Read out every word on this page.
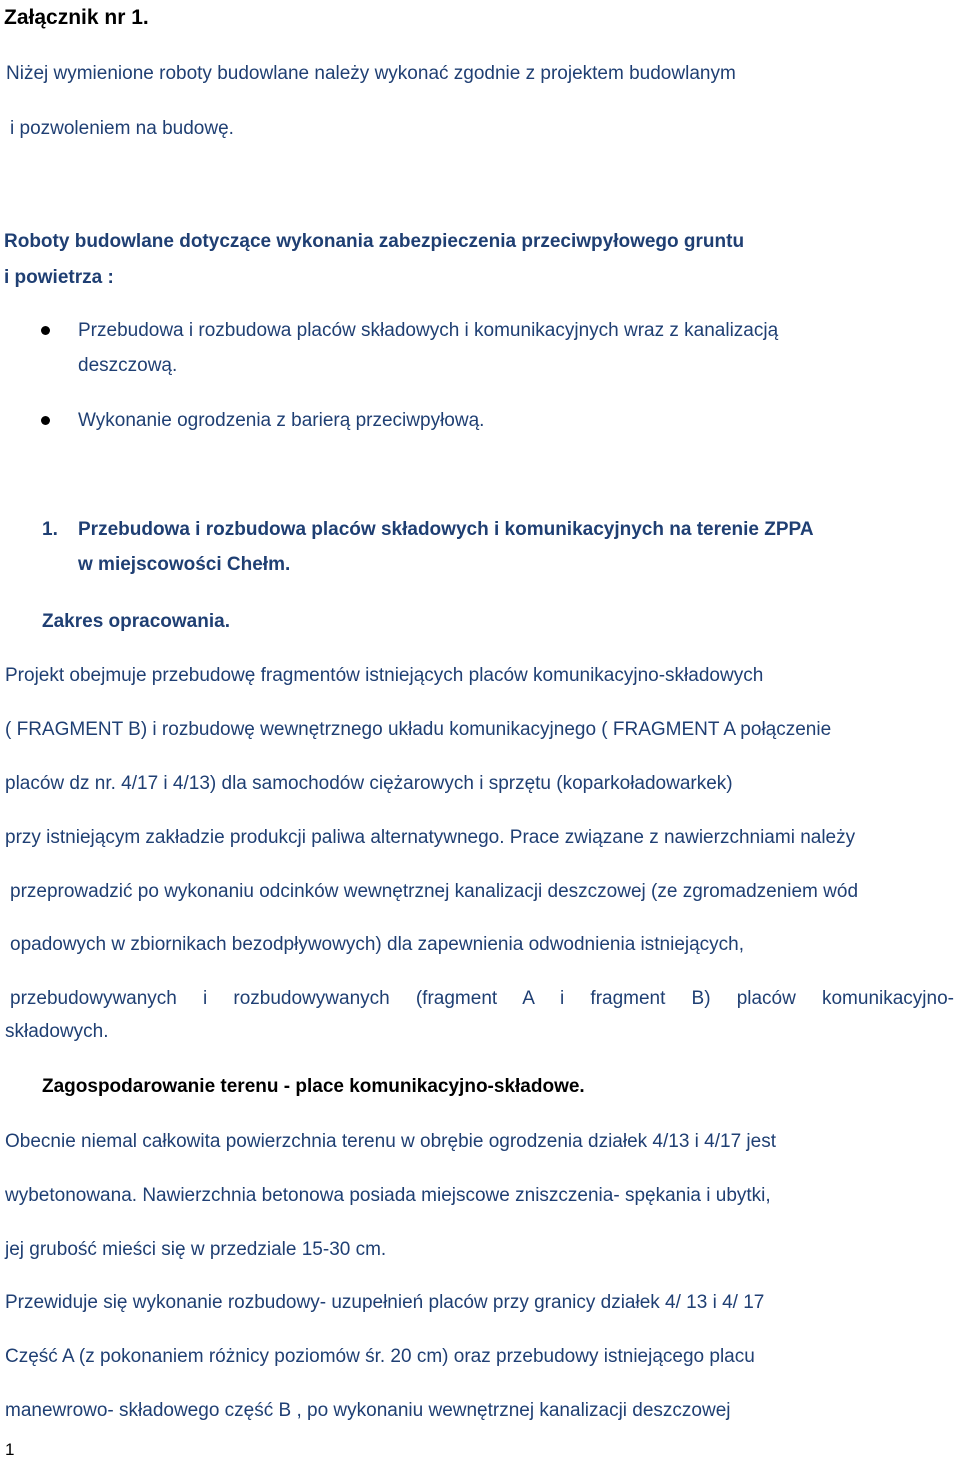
Załącznik nr 1.
Niżej wymienione roboty budowlane należy wykonać zgodnie z projektem budowlanym
i pozwoleniem na budowę.
Roboty budowlane dotyczące wykonania zabezpieczenia przeciwpyłowego gruntu
i powietrza :
Przebudowa i rozbudowa placów składowych i komunikacyjnych wraz z kanalizacją
deszczową.
Wykonanie ogrodzenia z barierą przeciwpyłową.
1. Przebudowa i rozbudowa placów składowych i komunikacyjnych na terenie ZPPA
w miejscowości Chełm.
Zakres opracowania.
Projekt obejmuje przebudowę fragmentów istniejących placów komunikacyjno-składowych
( FRAGMENT B) i rozbudowę wewnętrznego układu komunikacyjnego ( FRAGMENT A połączenie
placów dz nr. 4/17 i 4/13) dla samochodów ciężarowych i sprzętu (koparkoładowarkek)
przy istniejącym zakładzie produkcji paliwa alternatywnego. Prace związane z nawierzchniami należy
przeprowadzić po wykonaniu odcinków wewnętrznej kanalizacji deszczowej (ze zgromadzeniem wód
opadowych w zbiornikach bezodpływowych) dla zapewnienia odwodnienia istniejących,
przebudowywanych i rozbudowywanych (fragment A i fragment B) placów komunikacyjno-
składowych.
Zagospodarowanie terenu - place komunikacyjno-składowe.
Obecnie niemal całkowita powierzchnia terenu w obrębie ogrodzenia działek 4/13 i 4/17 jest
wybetonowana. Nawierzchnia betonowa posiada miejscowe zniszczenia- spękania i ubytki,
jej grubość mieści się w przedziale 15-30 cm.
Przewiduje się wykonanie rozbudowy- uzupełnień placów przy granicy działek 4/ 13 i 4/ 17
Część A (z pokonaniem różnicy poziomów śr. 20 cm) oraz przebudowy istniejącego placu
manewrowo- składowego część B , po wykonaniu wewnętrznej kanalizacji deszczowej
1
